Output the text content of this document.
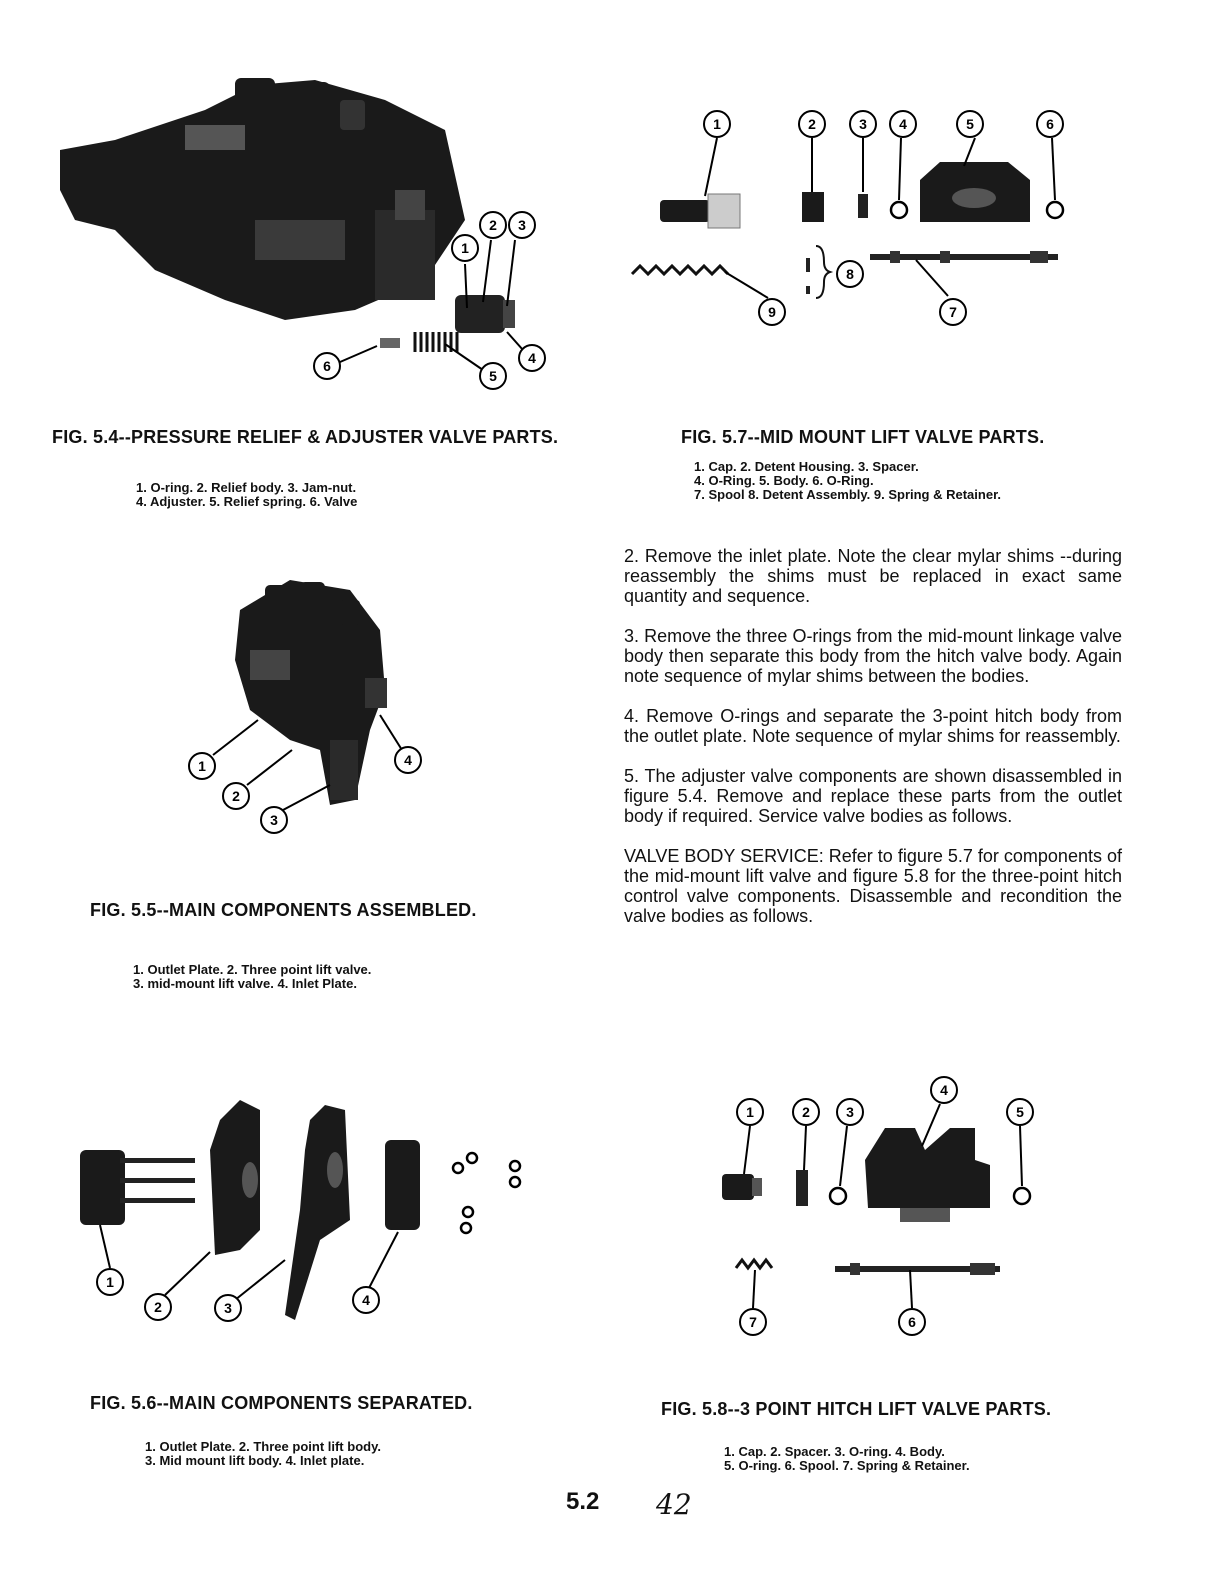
1
2 3
4
5
6
FIG. 5.4--PRESSURE RELIEF & ADJUSTER VALVE PARTS.
1. O-ring. 2. Relief body. 3. Jam-nut.
4. Adjuster. 5. Relief spring. 6. Valve
1	2	3 4	5	6
7
8
9
FIG. 5.7--MID MOUNT LIFT VALVE PARTS.
1. Cap. 2. Detent Housing. 3. Spacer.
4. O-Ring. 5. Body. 6. O-Ring.
7. Spool 8. Detent Assembly. 9. Spring & Retainer.
1
2
3
4
FIG. 5.5--MAIN COMPONENTS ASSEMBLED.
1. Outlet Plate. 2. Three point lift valve.
3. mid-mount lift valve. 4. Inlet Plate.

2. Remove the inlet plate. Note the clear mylar shims --during reassembly the shims must be replaced in exact same quantity and sequence.

3. Remove the three O-rings from the mid-mount linkage valve body then separate this body from the hitch valve body. Again note sequence of mylar shims between the bodies.

4. Remove O-rings and separate the 3-point hitch body from the outlet plate. Note sequence of mylar shims for reassembly.

5. The adjuster valve components are shown disassembled in figure 5.4. Remove and replace these parts from the outlet body if required. Service valve bodies as follows.

VALVE BODY SERVICE: Refer to figure 5.7 for components of the mid-mount lift valve and figure 5.8 for the three-point hitch control valve components. Disassemble and recondition the valve bodies as follows.

1
2	3	4
FIG. 5.6--MAIN COMPONENTS SEPARATED.
1. Outlet Plate. 2. Three point lift body.
3. Mid mount lift body. 4. Inlet plate.
1	2	3
4
5
6
7
FIG. 5.8--3 POINT HITCH LIFT VALVE PARTS.
1. Cap. 2. Spacer. 3. O-ring. 4. Body.
5. O-ring. 6. Spool. 7. Spring & Retainer.
5.2 42
